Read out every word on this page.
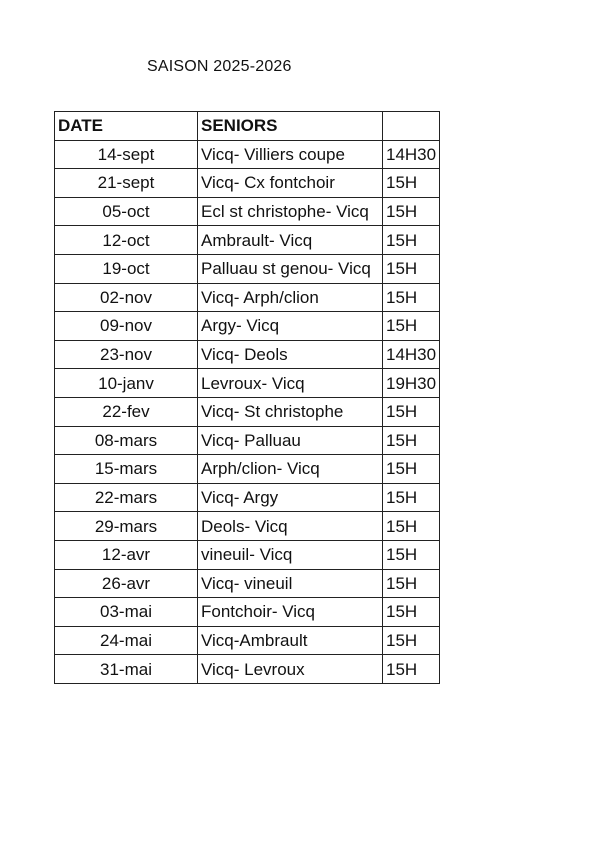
SAISON 2025-2026
DATE	SENIORS	
14-sept	Vicq- Villiers coupe	14H30
21-sept	Vicq- Cx fontchoir	15H
05-oct	Ecl st christophe- Vicq	15H
12-oct	Ambrault- Vicq	15H
19-oct	Palluau st genou- Vicq	15H
02-nov	Vicq- Arph/clion	15H
09-nov	Argy- Vicq	15H
23-nov	Vicq- Deols	14H30
10-janv	Levroux- Vicq	19H30
22-fev	Vicq- St christophe	15H
08-mars	Vicq- Palluau	15H
15-mars	Arph/clion- Vicq	15H
22-mars	Vicq- Argy	15H
29-mars	Deols- Vicq	15H
12-avr	vineuil- Vicq	15H
26-avr	Vicq- vineuil	15H
03-mai	Fontchoir- Vicq	15H
24-mai	Vicq-Ambrault	15H
31-mai	Vicq- Levroux	15H
